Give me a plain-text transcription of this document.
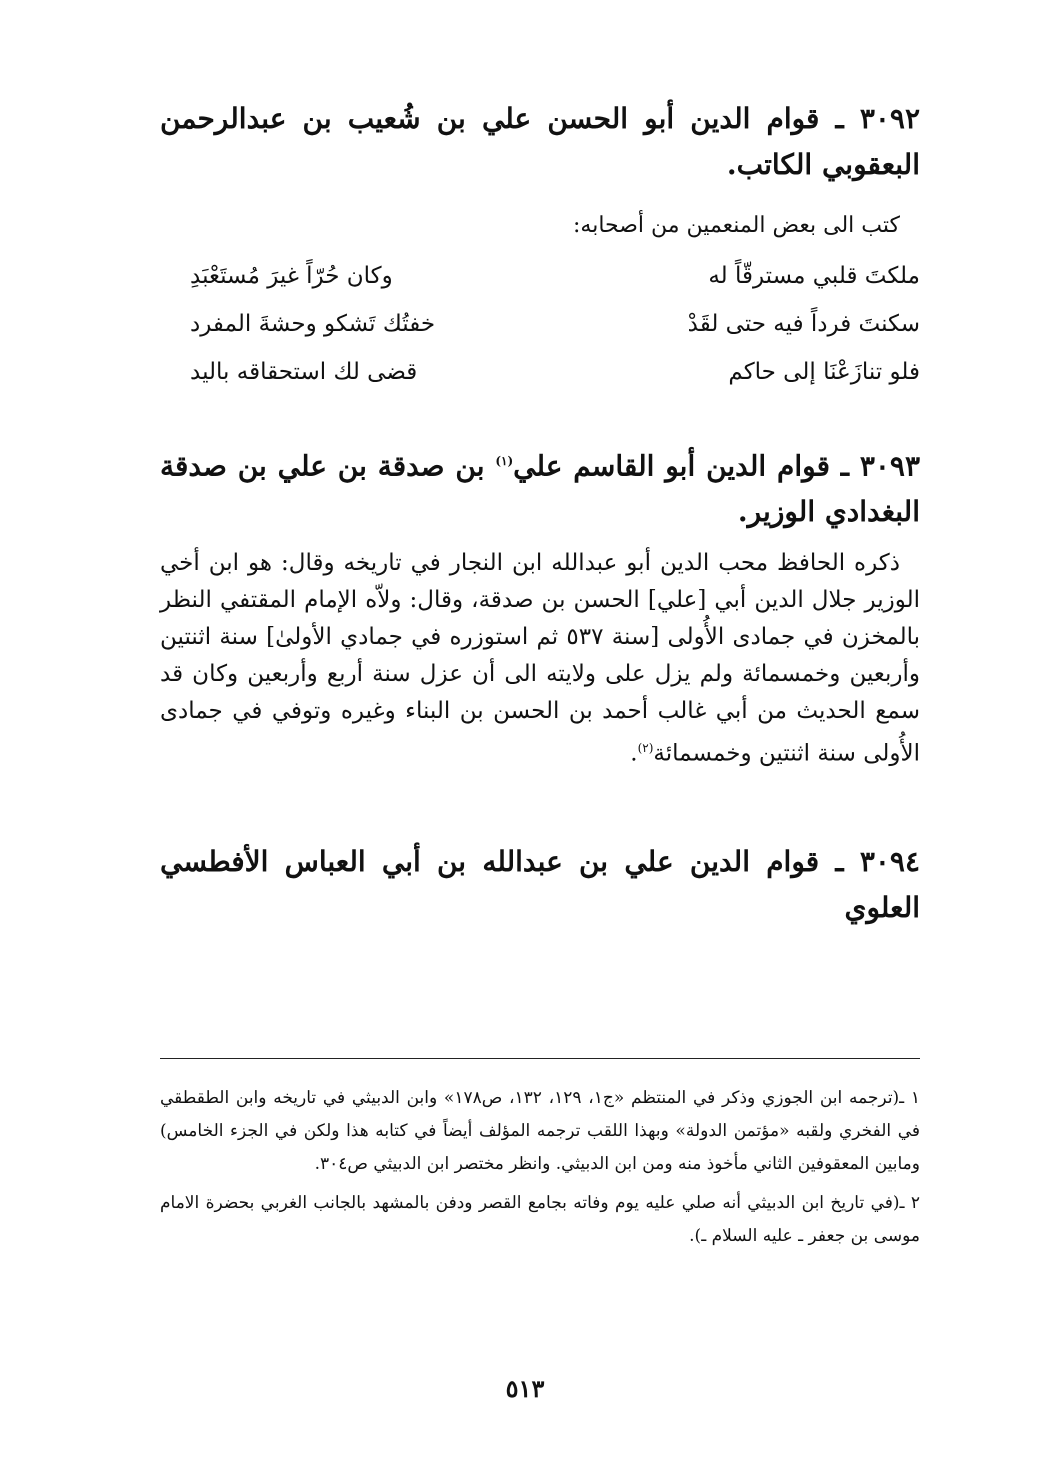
٣٠٩٢ ـ قوام الدين أبو الحسن علي بن شُعيب بن عبدالرحمن البعقوبي الكاتب.

كتب الى بعض المنعمين من أصحابه:

ملكتَ قلبي مسترقّاً له
وكان حُرّاً غيرَ مُستَعْبَدِ
سكنتَ فرداً فيه حتى لقَدْ
خفتُك تَشكو وحشةَ المفرد
فلو تنازَعْنَا إلى حاكم
قضى لك استحقاقه باليد

٣٠٩٣ ـ قوام الدين أبو القاسم علي$^{(١)}$ بن صدقة بن علي بن صدقة البغدادي الوزير.

ذكره الحافظ محب الدين أبو عبدالله ابن النجار في تاريخه وقال: هو ابن أخي الوزير جلال الدين أبي [علي] الحسن بن صدقة، وقال: ولاّه الإمام المقتفي النظر بالمخزن في جمادى الأُولى [سنة ٥٣٧ ثم استوزره في جمادي الأولىٰ] سنة اثنتين وأربعين وخمسمائة ولم يزل على ولايته الى أن عزل سنة أربع وأربعين وكان قد سمع الحديث من أبي غالب أحمد بن الحسن بن البناء وغيره وتوفي في جمادى الأُولى سنة اثنتين وخمسمائة$^{(٢)}$.

٣٠٩٤ ـ قوام الدين علي بن عبدالله بن أبي العباس الأفطسي العلوي

١ ـ(ترجمه ابن الجوزي وذكر في المنتظم «ج١، ١٢٩، ١٣٢، ص١٧٨» وابن الدبيثي في تاريخه وابن الطقطقي في الفخري ولقبه «مؤتمن الدولة» وبهذا اللقب ترجمه المؤلف أيضاً في كتابه هذا ولكن في الجزء الخامس) ومابين المعقوفين الثاني مأخوذ منه ومن ابن الدبيثي. وانظر مختصر ابن الدبيثي ص٣٠٤.

٢ ـ(في تاريخ ابن الدبيثي أنه صلي عليه يوم وفاته بجامع القصر ودفن بالمشهد بالجانب الغربي بحضرة الامام موسى بن جعفر ـ عليه السلام ـ).

٥١٣
